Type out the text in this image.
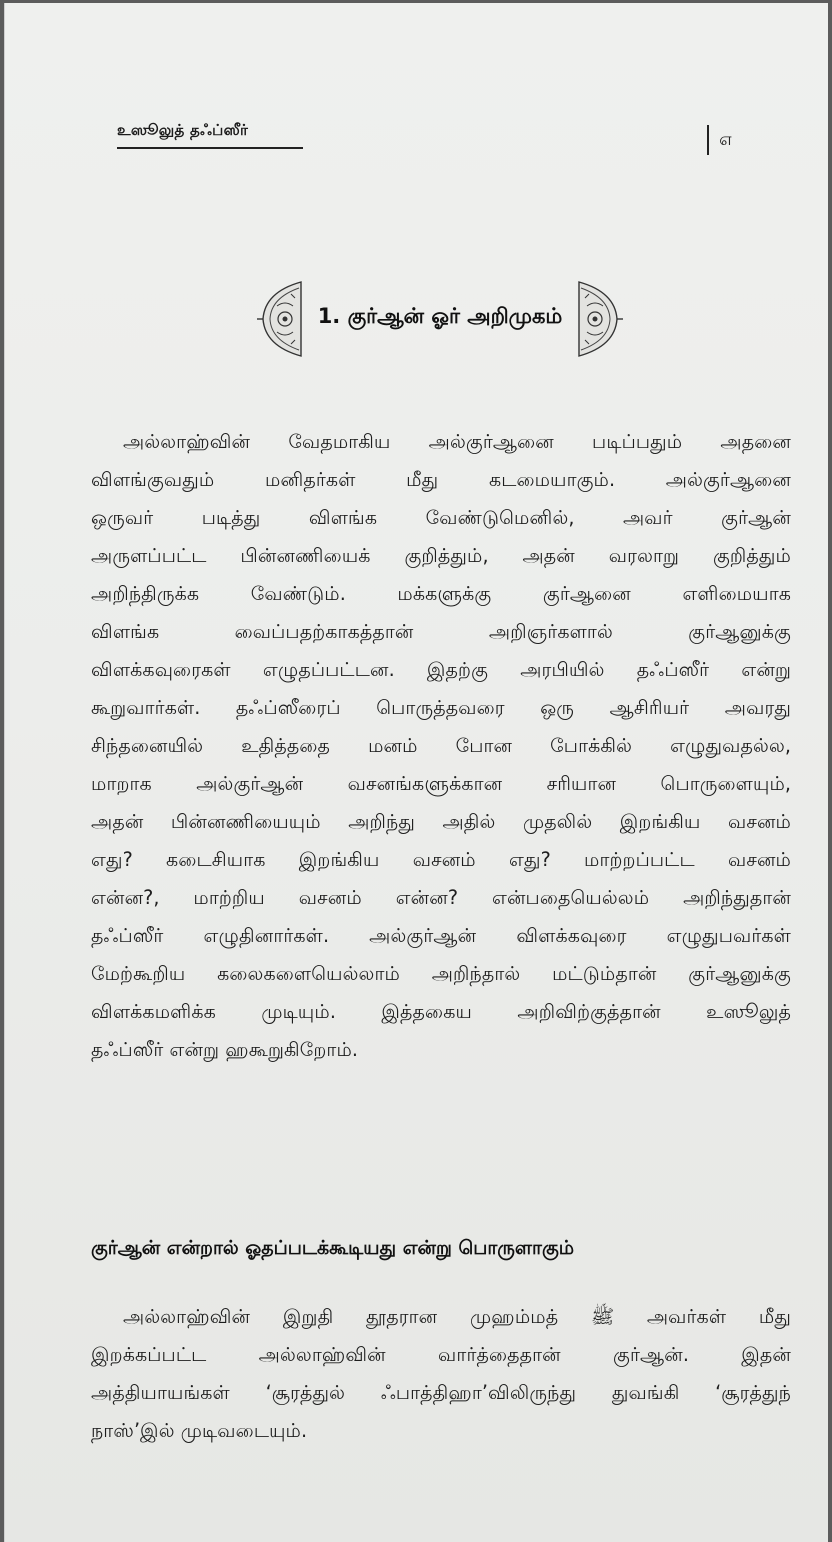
உஸூலுத் தஃப்ஸீர்	௭
1. குர்ஆன் ஓர் அறிமுகம்
அல்லாஹ்வின் வேதமாகிய அல்குர்ஆனை படிப்பதும் அதனை
விளங்குவதும் மனிதர்கள் மீது கடமையாகும். அல்குர்ஆனை
ஒருவர் படித்து விளங்க வேண்டுமெனில், அவர் குர்ஆன்
அருளப்பட்ட பின்னணியைக் குறித்தும், அதன் வரலாறு குறித்தும்
அறிந்திருக்க வேண்டும். மக்களுக்கு குர்ஆனை எளிமையாக
விளங்க வைப்பதற்காகத்தான் அறிஞர்களால் குர்ஆனுக்கு
விளக்கவுரைகள் எழுதப்பட்டன. இதற்கு அரபியில் தஃப்ஸீர் என்று
கூறுவார்கள். தஃப்ஸீரைப் பொருத்தவரை ஒரு ஆசிரியர் அவரது
சிந்தனையில் உதித்ததை மனம் போன போக்கில் எழுதுவதல்ல,
மாறாக அல்குர்ஆன் வசனங்களுக்கான சரியான பொருளையும்,
அதன் பின்னணியையும் அறிந்து அதில் முதலில் இறங்கிய வசனம்
எது? கடைசியாக இறங்கிய வசனம் எது? மாற்றப்பட்ட வசனம்
என்ன?, மாற்றிய வசனம் என்ன? என்பதையெல்லம் அறிந்துதான்
தஃப்ஸீர் எழுதினார்கள். அல்குர்ஆன் விளக்கவுரை எழுதுபவர்கள்
மேற்கூறிய கலைகளையெல்லாம் அறிந்தால் மட்டும்தான் குர்ஆனுக்கு
விளக்கமளிக்க முடியும். இத்தகைய அறிவிற்குத்தான் உஸூலுத்
தஃப்ஸீர் என்று ஹகூறுகிறோம்.
குர்ஆன் என்றால் ஓதப்படக்கூடியது என்று பொருளாகும்
அல்லாஹ்வின் இறுதி தூதரான முஹம்மத் ﷺ அவர்கள் மீது
இறக்கப்பட்ட அல்லாஹ்வின் வார்த்தைதான் குர்ஆன். இதன்
அத்தியாயங்கள் ‘சூரத்துல் ஃபாத்திஹா’விலிருந்து துவங்கி ‘சூரத்துந்
நாஸ்’இல் முடிவடையும்.
